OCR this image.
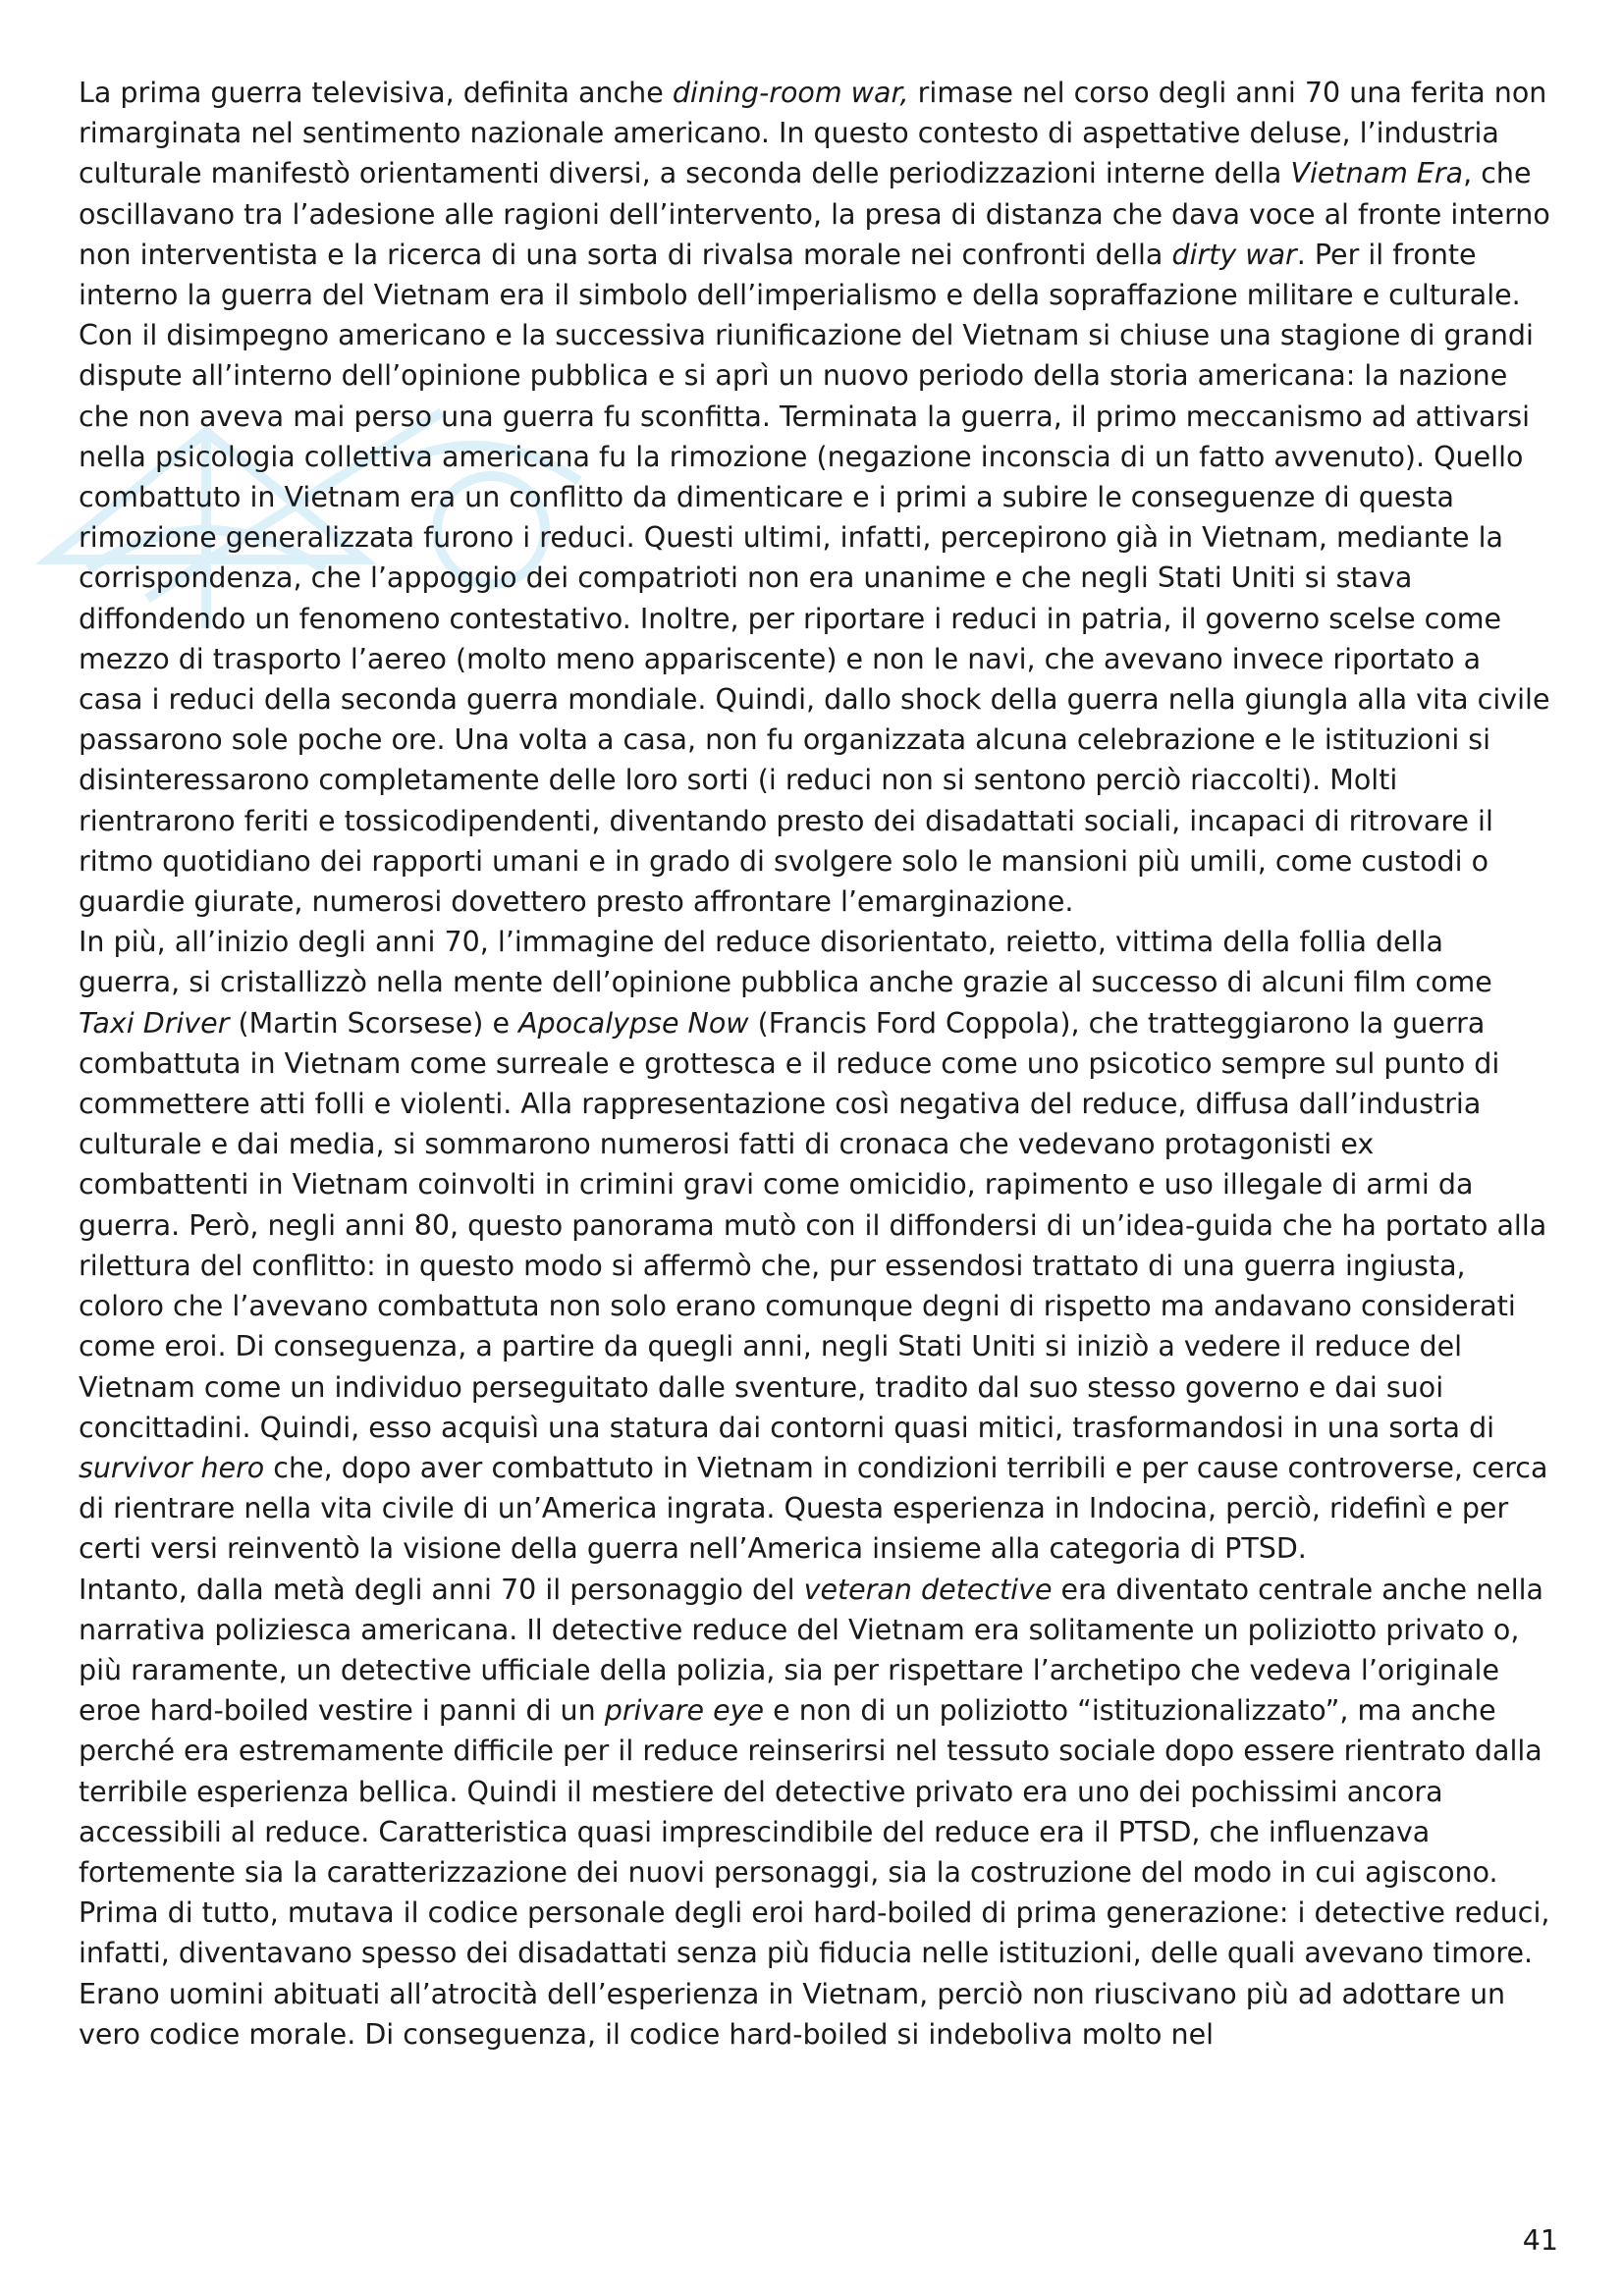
La prima guerra televisiva, definita anche dining-room war, rimase nel corso degli anni 70 una ferita non rimarginata nel sentimento nazionale americano. In questo contesto di aspettative deluse, l’industria culturale manifestò orientamenti diversi, a seconda delle periodizzazioni interne della Vietnam Era, che oscillavano tra l’adesione alle ragioni dell’intervento, la presa di distanza che dava voce al fronte interno non interventista e la ricerca di una sorta di rivalsa morale nei confronti della dirty war. Per il fronte interno la guerra del Vietnam era il simbolo dell’imperialismo e della sopraffazione militare e culturale.

Con il disimpegno americano e la successiva riunificazione del Vietnam si chiuse una stagione di grandi dispute all’interno dell’opinione pubblica e si aprì un nuovo periodo della storia americana: la nazione che non aveva mai perso una guerra fu sconfitta. Terminata la guerra, il primo meccanismo ad attivarsi nella psicologia collettiva americana fu la rimozione (negazione inconscia di un fatto avvenuto). Quello combattuto in Vietnam era un conflitto da dimenticare e i primi a subire le conseguenze di questa rimozione generalizzata furono i reduci. Questi ultimi, infatti, percepirono già in Vietnam, mediante la corrispondenza, che l’appoggio dei compatrioti non era unanime e che negli Stati Uniti si stava diffondendo un fenomeno contestativo. Inoltre, per riportare i reduci in patria, il governo scelse come mezzo di trasporto l’aereo (molto meno appariscente) e non le navi, che avevano invece riportato a casa i reduci della seconda guerra mondiale. Quindi, dallo shock della guerra nella giungla alla vita civile passarono sole poche ore. Una volta a casa, non fu organizzata alcuna celebrazione e le istituzioni si disinteressarono completamente delle loro sorti (i reduci non si sentono perciò riaccolti). Molti rientrarono feriti e tossicodipendenti, diventando presto dei disadattati sociali, incapaci di ritrovare il ritmo quotidiano dei rapporti umani e in grado di svolgere solo le mansioni più umili, come custodi o guardie giurate, numerosi dovettero presto affrontare l’emarginazione.

In più, all’inizio degli anni 70, l’immagine del reduce disorientato, reietto, vittima della follia della guerra, si cristallizzò nella mente dell’opinione pubblica anche grazie al successo di alcuni film come Taxi Driver (Martin Scorsese) e Apocalypse Now (Francis Ford Coppola), che tratteggiarono la guerra combattuta in Vietnam come surreale e grottesca e il reduce come uno psicotico sempre sul punto di commettere atti folli e violenti. Alla rappresentazione così negativa del reduce, diffusa dall’industria culturale e dai media, si sommarono numerosi fatti di cronaca che vedevano protagonisti ex combattenti in Vietnam coinvolti in crimini gravi come omicidio, rapimento e uso illegale di armi da guerra. Però, negli anni 80, questo panorama mutò con il diffondersi di un’idea-guida che ha portato alla rilettura del conflitto: in questo modo si affermò che, pur essendosi trattato di una guerra ingiusta, coloro che l’avevano combattuta non solo erano comunque degni di rispetto ma andavano considerati come eroi. Di conseguenza, a partire da quegli anni, negli Stati Uniti si iniziò a vedere il reduce del Vietnam come un individuo perseguitato dalle sventure, tradito dal suo stesso governo e dai suoi concittadini. Quindi, esso acquisì una statura dai contorni quasi mitici, trasformandosi in una sorta di survivor hero che, dopo aver combattuto in Vietnam in condizioni terribili e per cause controverse, cerca di rientrare nella vita civile di un’America ingrata. Questa esperienza in Indocina, perciò, ridefinì e per certi versi reinventò la visione della guerra nell’America insieme alla categoria di PTSD.

Intanto, dalla metà degli anni 70 il personaggio del veteran detective era diventato centrale anche nella narrativa poliziesca americana. Il detective reduce del Vietnam era solitamente un poliziotto privato o, più raramente, un detective ufficiale della polizia, sia per rispettare l’archetipo che vedeva l’originale eroe hard-boiled vestire i panni di un privare eye e non di un poliziotto “istituzionalizzato”, ma anche perché era estremamente difficile per il reduce reinserirsi nel tessuto sociale dopo essere rientrato dalla terribile esperienza bellica. Quindi il mestiere del detective privato era uno dei pochissimi ancora accessibili al reduce. Caratteristica quasi imprescindibile del reduce era il PTSD, che influenzava fortemente sia la caratterizzazione dei nuovi personaggi, sia la costruzione del modo in cui agiscono. Prima di tutto, mutava il codice personale degli eroi hard-boiled di prima generazione: i detective reduci, infatti, diventavano spesso dei disadattati senza più fiducia nelle istituzioni, delle quali avevano timore. Erano uomini abituati all’atrocità dell’esperienza in Vietnam, perciò non riuscivano più ad adottare un vero codice morale. Di conseguenza, il codice hard-boiled si indeboliva molto nel

41
